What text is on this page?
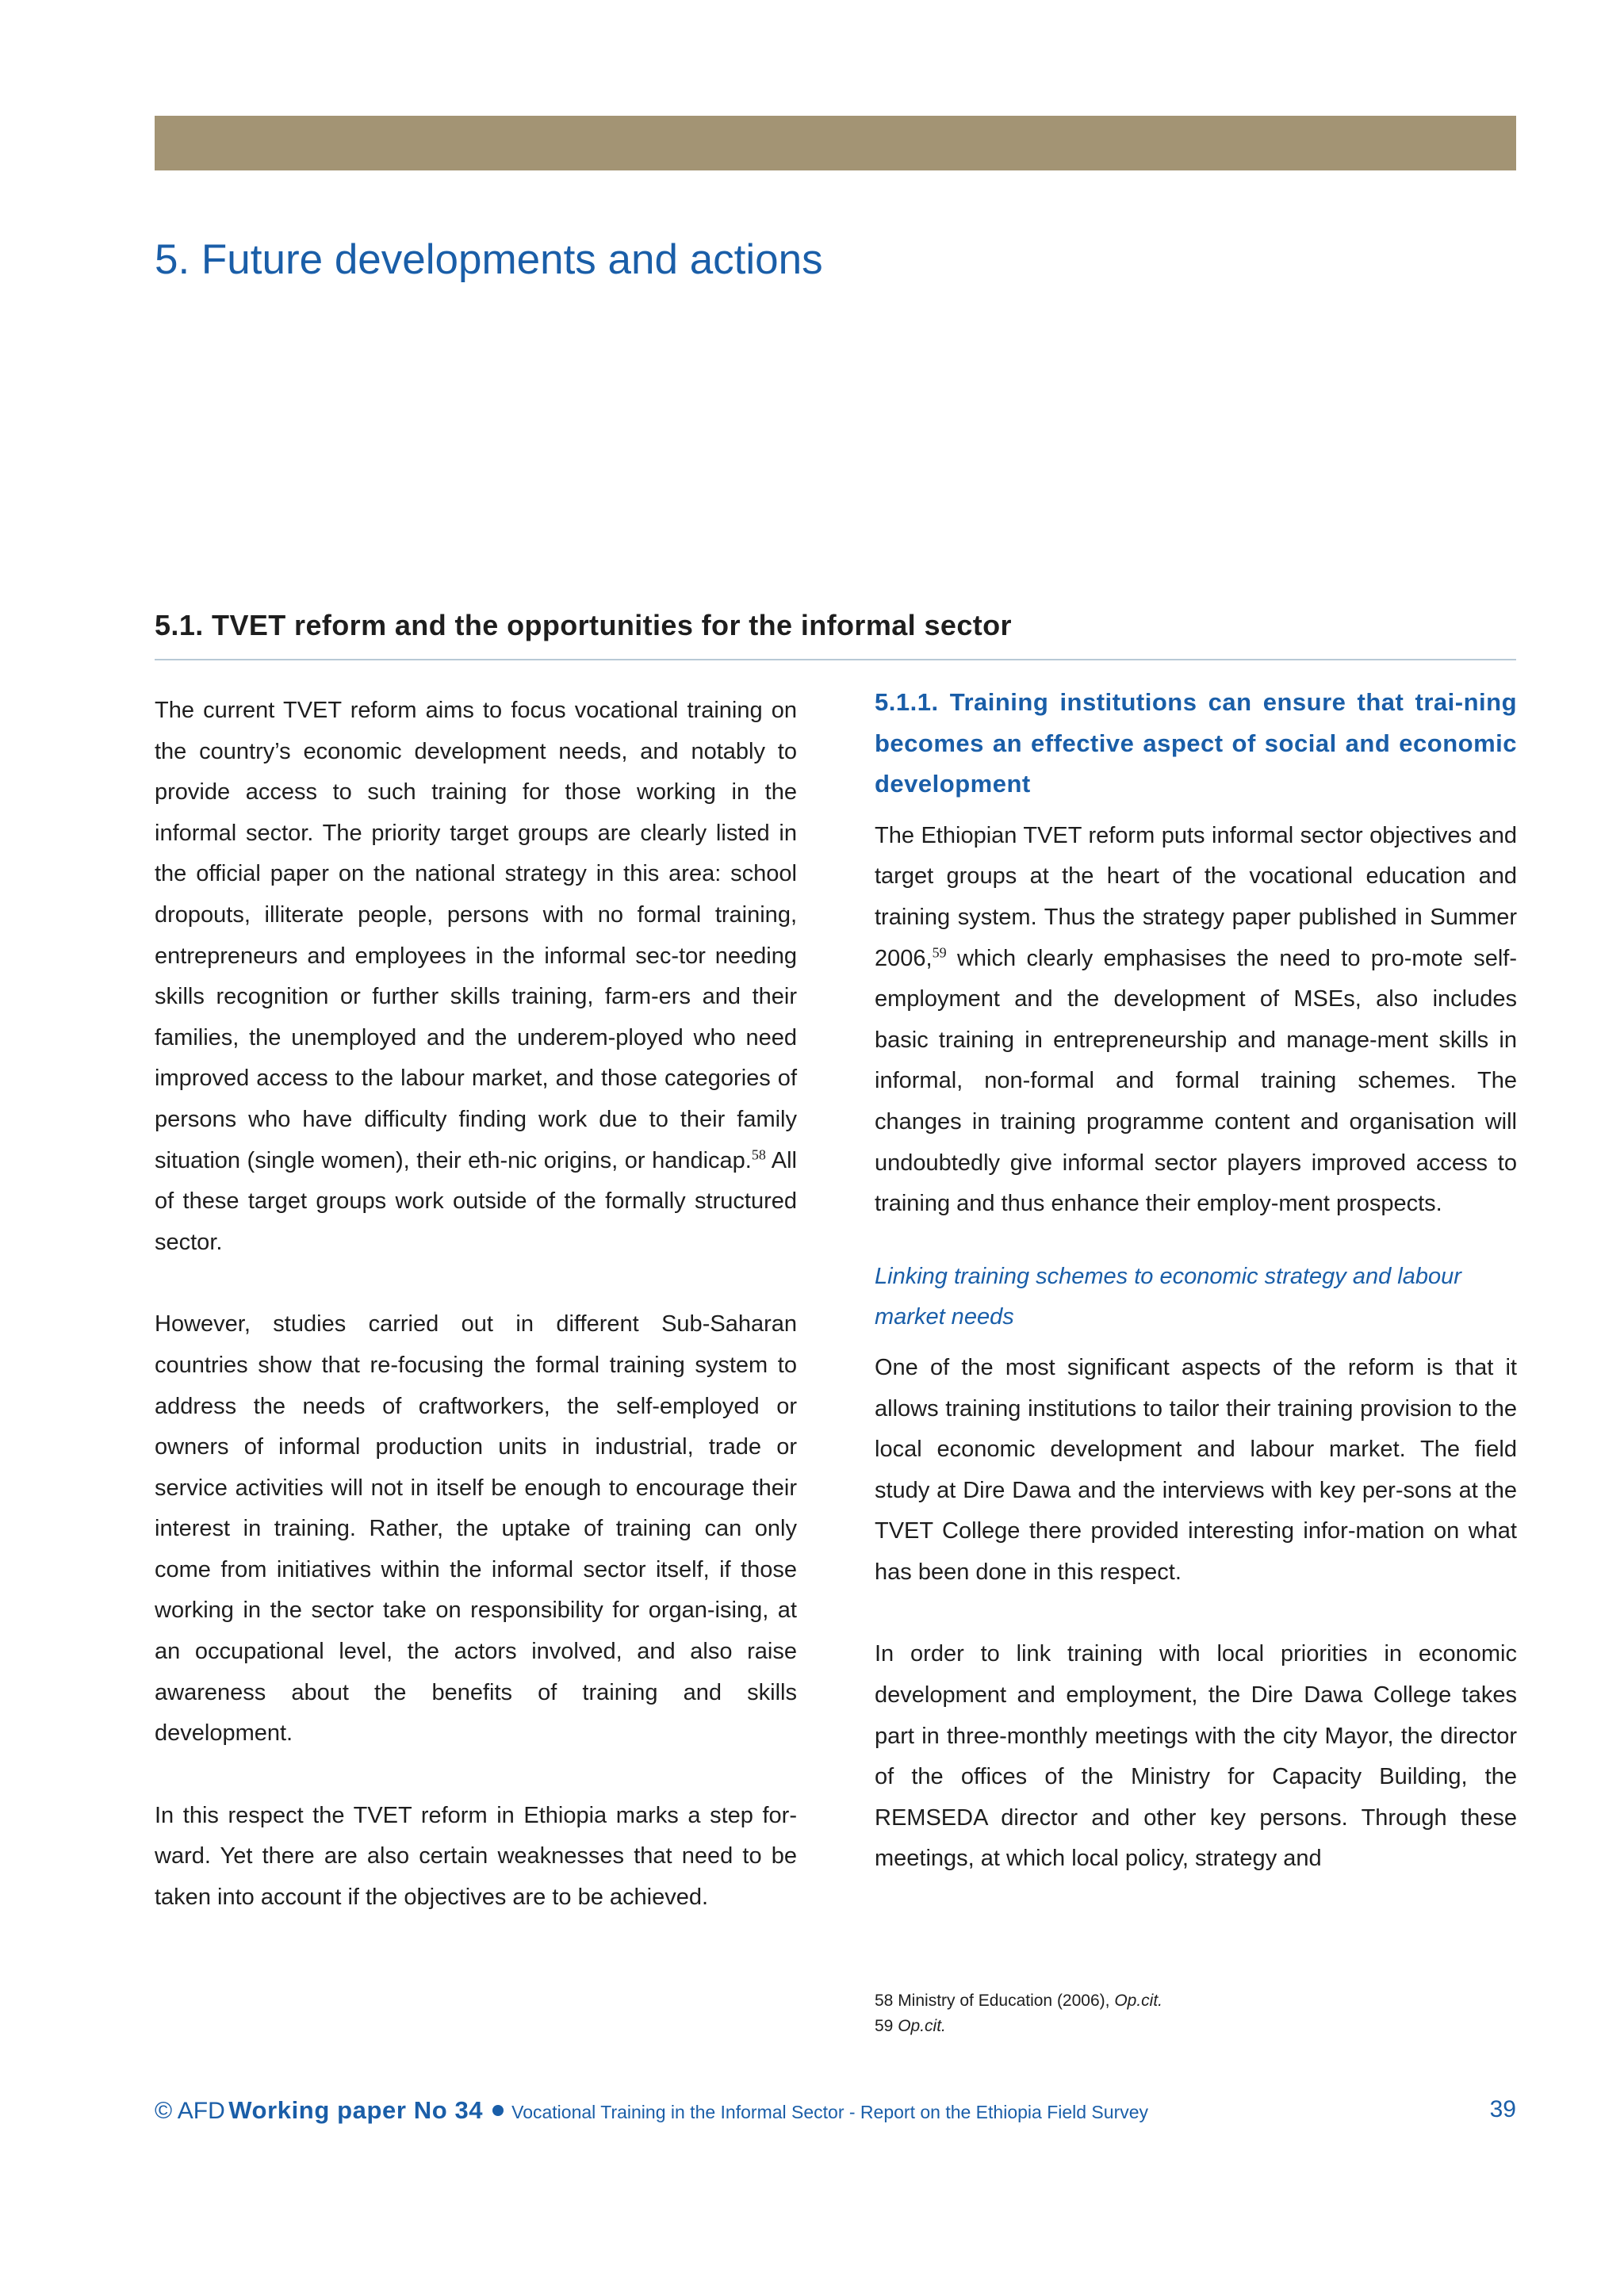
5. Future developments and actions
5.1. TVET reform and the opportunities for the informal sector

The current TVET reform aims to focus vocational training on the country’s economic development needs, and notably to provide access to such training for those working in the informal sector. The priority target groups are clearly listed in the official paper on the national strategy in this area: school dropouts, illiterate people, persons with no formal training, entrepreneurs and employees in the informal sec-tor needing skills recognition or further skills training, farm-ers and their families, the unemployed and the underem-ployed who need improved access to the labour market, and those categories of persons who have difficulty finding work due to their family situation (single women), their eth-nic origins, or handicap.$^{58}$ All of these target groups work outside of the formally structured sector.

However, studies carried out in different Sub-Saharan countries show that re-focusing the formal training system to address the needs of craftworkers, the self-employed or owners of informal production units in industrial, trade or service activities will not in itself be enough to encourage their interest in training. Rather, the uptake of training can only come from initiatives within the informal sector itself, if those working in the sector take on responsibility for organ-ising, at an occupational level, the actors involved, and also raise awareness about the benefits of training and skills development.

In this respect the TVET reform in Ethiopia marks a step for-ward. Yet there are also certain weaknesses that need to be taken into account if the objectives are to be achieved.

5.1.1. Training institutions can ensure that trai-ning becomes an effective aspect of social and economic development

The Ethiopian TVET reform puts informal sector objectives and target groups at the heart of the vocational education and training system. Thus the strategy paper published in Summer 2006,59 which clearly emphasises the need to pro-mote self-employment and the development of MSEs, also includes basic training in entrepreneurship and manage-ment skills in informal, non-formal and formal training schemes. The changes in training programme content and organisation will undoubtedly give informal sector players improved access to training and thus enhance their employ-ment prospects.

Linking training schemes to economic strategy and labour market needs

One of the most significant aspects of the reform is that it allows training institutions to tailor their training provision to the local economic development and labour market. The field study at Dire Dawa and the interviews with key per-sons at the TVET College there provided interesting infor-mation on what has been done in this respect.

In order to link training with local priorities in economic development and employment, the Dire Dawa College takes part in three-monthly meetings with the city Mayor, the director of the offices of the Ministry for Capacity Building, the REMSEDA director and other key persons. Through these meetings, at which local policy, strategy and

58 Ministry of Education (2006), Op.cit.
59 Op.cit.
© AFD Working paper No 34 Vocational Training in the Informal Sector - Report on the Ethiopia Field Survey	39
